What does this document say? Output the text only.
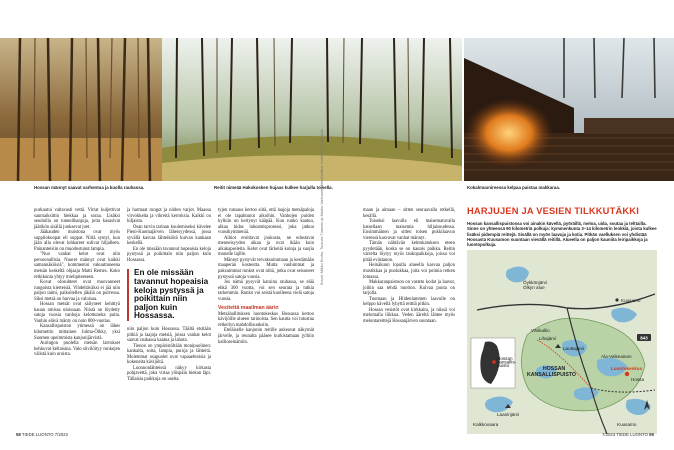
Hossan männyt saavat varhentua ja kuolla rauhassa.	Reitit nimeää Hakokosken hujaas kulkee harjulla toisella.	Kokalmuunireessa kelpaa paistaa makkaraa.

purkautui valtavasti vettä. Virrat kuljettivat saumaiksittin hiekkaa ja soraa. Lisäksi seuduilla on tunnelihanjuja, joita kasasivat jäätikön sisällä juoksevat joet.

Jääkauden muistona ovat myös suppilokuopat eli suppat. Niitä syntyi, kun jään alla olevat lohkareet sulivat hiljalleen. Painanteisiin on muodostunut lampia.

"Nuo vanhat kelot ovat niin persoonallisia. Nuoret männyt ovat kaikki samannäköisiä", kommentoi vakuuttuneena metsän keskeltä ohjaaja Matti Remes. Koko retkikunta yhtyy mielipiteeseen.

Kovat olosuhteet ovat muovanneet rungoista kierteisiä. Vihdeltäväksi ei jää niin paljon taimi, paikoitellen jäkälä on polvessa. Siksi metsä on harvaa ja valoisaa.

Hossan metsät ovat säilyneet kehittyä kauan omissa oloissaan. Niistä on löydetty satoja vuosia vanhoja kelottuneita puita. Vanhin elävä mänty on noin 800-vuotias.

Kansallispuiston ytimessä on lähes kilometrin mittainen Julma-Ölkky, yksi Suomen upeimmista kanjonijärvistä.

Auringon puolella metsän latvukset hehkuvat keltaisina. Valo siivilöityy runkojen välistä kuin uruista.

ja harmaat rungot ja niiden varjot. Maassa virvokkeita ja vihreitä kerroksia. Kaikki on hiljaista.

Osan tarvin tarinan kuulemiseksi kävelee Pieni-Kuomajärven läheisyydessä, jossa syvällä kasvaa lähteiköitä kuivan kankaan keskellä.

En ole missään tavannut hopeaisia keloja pystyssä ja poikittain niin paljon kuin Hossassa.

En ole missään tavannut hopeaisia keloja pystyssä ja poikittain niin paljon kuin Hossassa.

niin paljon kuin Hossassa. Täältä etsitään pitkiä ja laajoja metsiä, joissa vanhat kelot saavat rauhassa kaatua ja lahota.

Tienoo on ympäristöltään monipuolinen: kankaita, soita, lampia, puroja ja lähteitä. Molemmat osapuolet ovat vapaaehtoisia ja kokeneita kävijöitä.

Luonnonlähteissä näkyy kirkasta pohjavettä, joka virtaa ylöspäin hiekan läpi. Tällaisia paikkoja on useita.

tyjen runsaus kertoo siitä, että laajoja metsäpaloja ei ole tapahtunut aikoihin. Vanhojen puiden kylkiin on kertynyt kääpää. Kun runko kaatuu, alkaa hidas lahoamisprosessi, joka jatkuu vuosikymmeniä.

Aihiot eroittavat joukosta, ne edustavat menneisyyden aikaa ja ovat ikään kuin aikakapseleita. Kelot ovat tärkeitä koloja ja suojia monelle lajille.

Männyt pystyvät tervaksoitumaan ja kestämään maaperän kosteutta. Mutta vanhimmat ja paksuimmat runkot ovat niitä, jotka ovat seisoneet pystyssä satoja vuosia.

Jos nämä pysyvät karuina rauhassa, se elää ehkä 300 vuotta, voi sen seurata ja tutkia tarkemmin. Runko voi seistä kuolleena vielä satoja vuosia.

Vesitettä maailman äärin

Metsähallituksen luontokeskus Hossassa kertoo kävijöille alueen tarinoista. Sen kautta voi tutustua retkeilyn mahdollisuuksiin.

Eteläiselle kanjonin reitille aukeavat näkymät järvelle, ja reunalta pääsee kurkistamaan jylhiin kallioseinämiin.

Kuvat: Mikko Krohn, Tuomas Turunen ja Marko Varkonen/Metsähallitus. Kartta: Petri Rantala	maan ja aimaan – sitten seuraavalla retkellä, kesällä.

Toiseksi laavulla eli maisematuvalla katsellaan maisemia hiljaisuudessa. Ensimmäinen ja sitten toisen pukkilaavun vieressä kasvavat vanhat männyt.

Tämän nähtävän keittokatoksen eteen pyydetään, koska se on kaunis paikka. Reitin varrelta löytyy myös taukopaikkoja, joissa voi pitää evästauon.

Heinäkuun lopulla alueella kasvaa paljon mustikkaa ja puolukkaa, joita voi poimia retken lomassa.

Makkaranpaistoon on varattu kodat ja laavut, joihin saa tehdä nuotion. Kuivaa puuta on tarjolla.

Tuomaan ja Hiidenlammen laavulle on helppo kävellä lyhyttä reittiä pitkin.

Hossan vesistöt ovat kirkkaita, ja niissä voi melomalla liikkua. Veden ääreltä lähtee myös melontareittejä Hossanjärven suuntaan.

HARJUJEN JA VESIEN TILKKUTÄKKI
Hossan kansallispuistossa voi ainakin kävellä, pyöräillä, meloa, uida, soutaa ja telttailla. Sinne on yhteensä 90 kilometriä polkuja: kymmenkunta 3–14 kilometrin lenkkiä, joista kulkee lisäksi pidempiä reittejä. Sisällä on myös laavuja ja kotia. Pitkän vaelluksen voi yhdistää Hossasta Kuusamon suuntaan vievällä reitillä. Alueella on paljon kauniita leiripaikkoja ja luontopolkuja.
843
Hossan kansallis- puisto
Öykkönjärvi Ölkyn alue
Kuusamo
Värikallio
Lihajärvi
Lauttajärvi
HOSSAN KANSALLISPUISTO
Ala-Valkeainen
Luontokeskus
Hossa
Laaninjärvi
Kalkkovaara	Kuusamo
58 TIEDE LUONTO 7/2023	7/2023 TIEDE LUONTO 59
